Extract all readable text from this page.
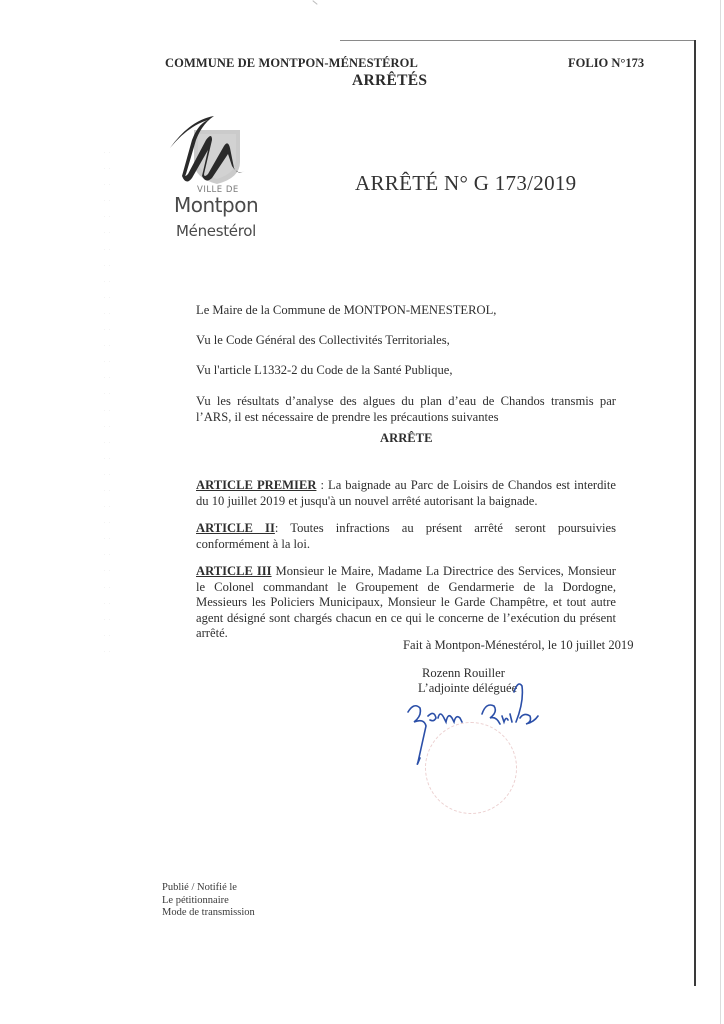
·   ·
·   ·
·   ·
·   ·
·   ·
·   ·
·   ·
·   ·
·   ·
·   ·
·   ·
·   ·
·   ·
·   ·
·   ·
·   ·
·   ·
·   ·
·   ·
·   ·
·   ·
·   ·
·   ·
·   ·
·   ·
·   ·
·   ·
·   ·
·   ·
·   ·
·   ·
·   ·
COMMUNE DE MONTPON-MÉNESTÉROL	FOLIO N°173
ARRÊTÉS
VILLE DE
Montpon
Ménestérol
ARRÊTÉ N° G 173/2019
Le Maire de la Commune de MONTPON-MENESTEROL,
Vu le Code Général des Collectivités Territoriales,
Vu l'article L1332-2 du Code de la Santé Publique,
Vu les résultats d’analyse des algues du plan d’eau de Chandos transmis par l’ARS, il est nécessaire de prendre les précautions suivantes
ARRÊTE
ARTICLE PREMIER : La baignade au Parc de Loisirs de Chandos est interdite du 10 juillet 2019 et jusqu'à un nouvel arrêté autorisant la baignade.
ARTICLE II: Toutes infractions au présent arrêté seront poursuivies conformément à la loi.
ARTICLE III Monsieur le Maire, Madame La Directrice des Services, Monsieur le Colonel commandant le Groupement de Gendarmerie de la Dordogne, Messieurs les Policiers Municipaux, Monsieur le Garde Champêtre, et tout autre agent désigné sont chargés chacun en ce qui le concerne de l’exécution du présent arrêté.
Fait à Montpon-Ménestérol, le 10 juillet 2019
Rozenn Rouiller
L’adjointe déléguée
Publié / Notifié le
Le pétitionnaire
Mode de transmission
